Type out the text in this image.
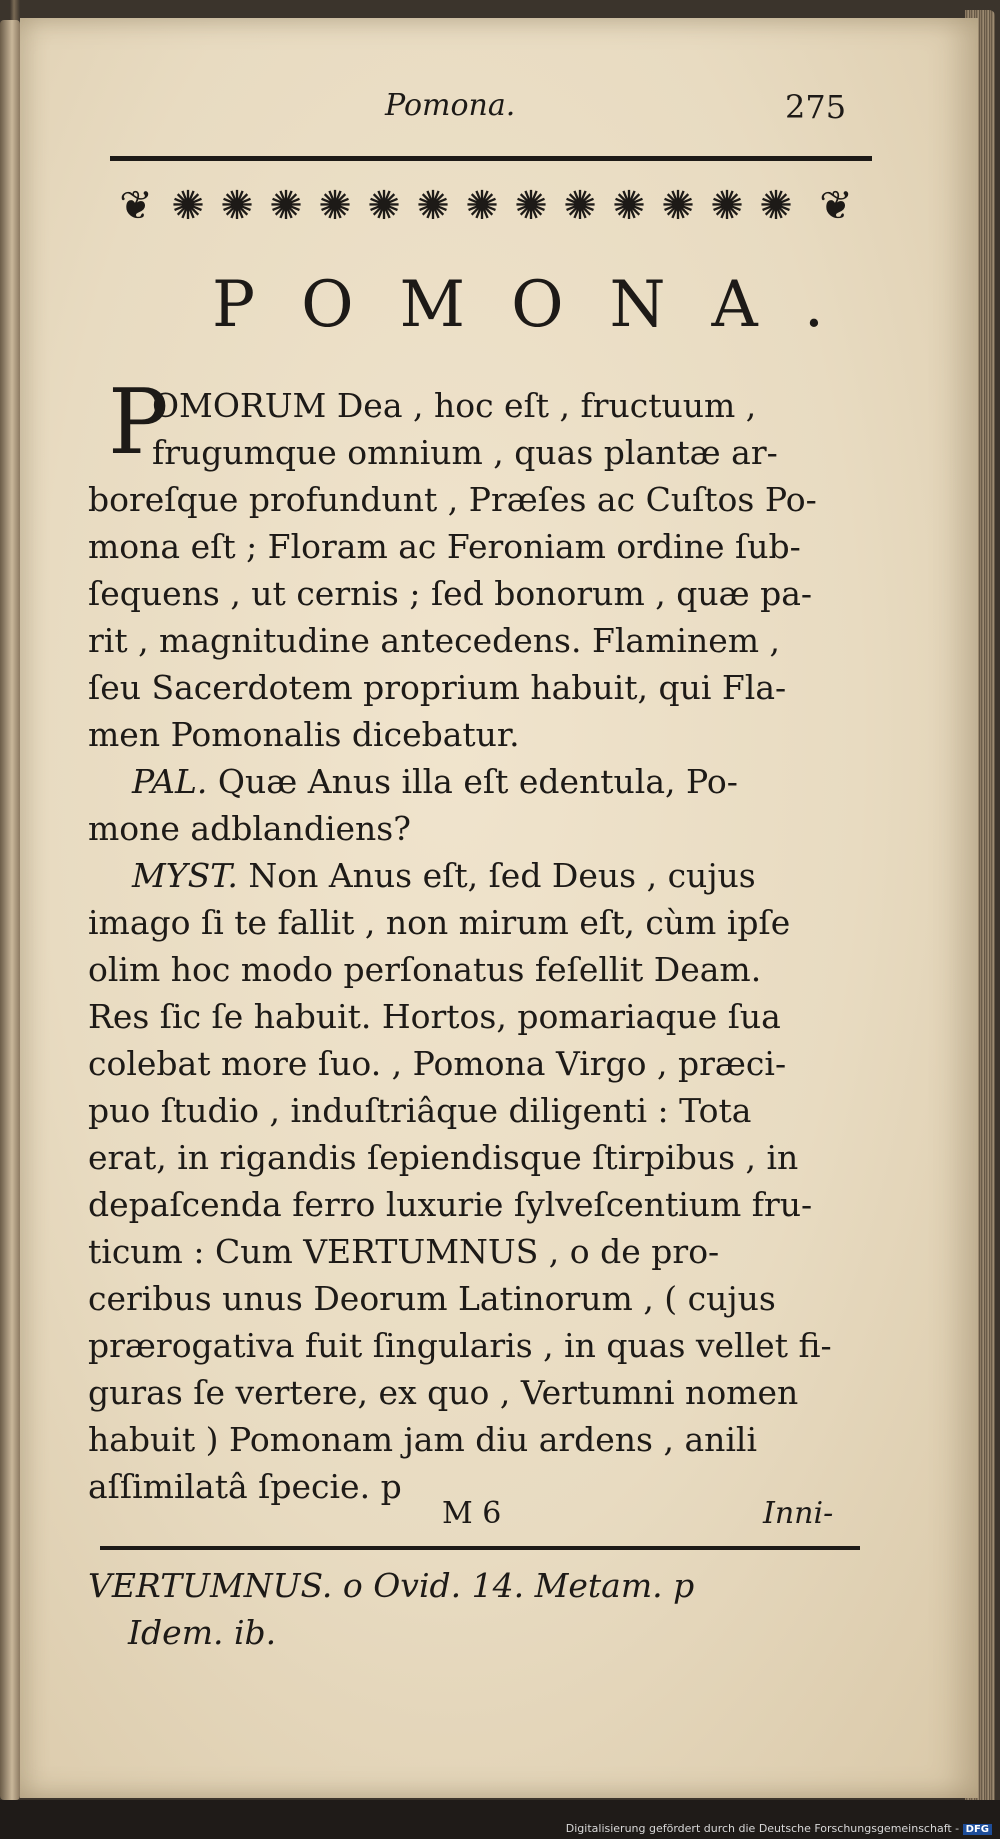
Pomona.	275
❦ ✺ ✺ ✺ ✺ ✺ ✺ ✺ ✺ ✺ ✺ ✺ ✺ ✺ ❦
POMONA.
P
OMORUM Dea , hoc eſt , fructuum ,
frugumque omnium , quas plantæ ar-
boreſque profundunt , Præſes ac Cuſtos Po-
mona eſt ; Floram ac Feroniam ordine ſub-
ſequens , ut cernis ; ſed bonorum , quæ pa-
rit , magnitudine antecedens. Flaminem ,
ſeu Sacerdotem proprium habuit, qui Fla-
men Pomonalis dicebatur.
PAL. Quæ Anus illa eſt edentula, Po-
mone adblandiens?
MYST. Non Anus eſt, ſed Deus , cujus
imago ſi te fallit , non mirum eſt, cùm ipſe
olim hoc modo perſonatus feſellit Deam.
Res ſic ſe habuit. Hortos, pomariaque ſua
colebat more ſuo. , Pomona Virgo , præci-
puo ſtudio , induſtriâque diligenti : Tota
erat, in rigandis ſepiendisque ſtirpibus , in
depaſcenda ferro luxurie ſylveſcentium fru-
ticum : Cum VERTUMNUS , o de pro-
ceribus unus Deorum Latinorum , ( cujus
prærogativa fuit ſingularis , in quas vellet fi-
guras ſe vertere, ex quo , Vertumni nomen
habuit ) Pomonam jam diu ardens , anili
aſſimilatâ ſpecie. p
M 6	Inni-
VERTUMNUS. o Ovid. 14. Metam. p
Idem. ib.
Digitalisierung gefördert durch die Deutsche Forschungsgemeinschaft - DFG
